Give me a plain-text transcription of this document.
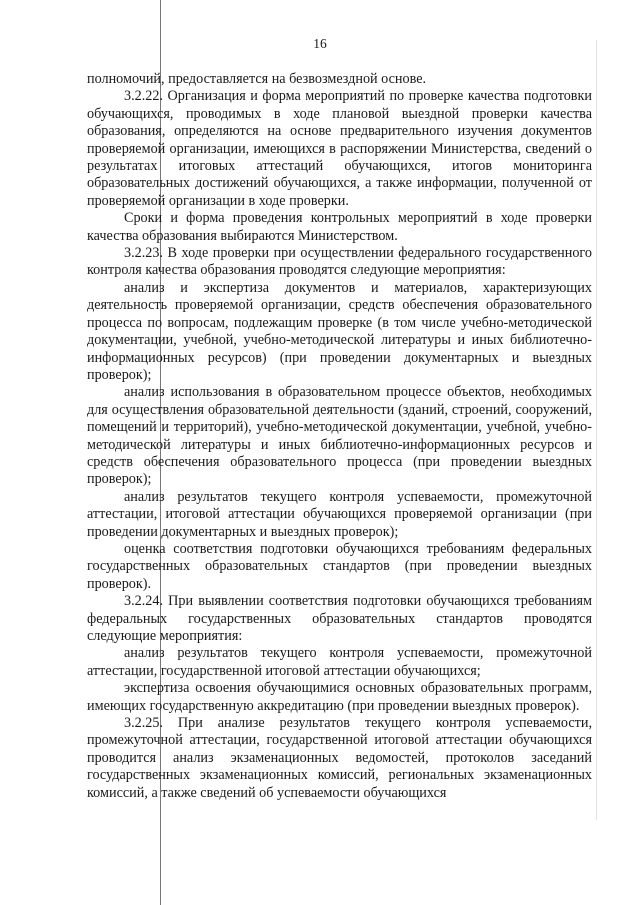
16

полномочий, предоставляется на безвозмездной основе.

3.2.22. Организация и форма мероприятий по проверке качества подготовки обучающихся, проводимых в ходе плановой выездной проверки качества образования, определяются на основе предварительного изучения документов проверяемой организации, имеющихся в распоряжении Министерства, сведений о результатах итоговых аттестаций обучающихся, итогов мониторинга образовательных достижений обучающихся, а также информации, полученной от проверяемой организации в ходе проверки.

Сроки и форма проведения контрольных мероприятий в ходе проверки качества образования выбираются Министерством.

3.2.23. В ходе проверки при осуществлении федерального государственного контроля качества образования проводятся следующие мероприятия:

анализ и экспертиза документов и материалов, характеризующих деятельность проверяемой организации, средств обеспечения образовательного процесса по вопросам, подлежащим проверке (в том числе учебно-методической документации, учебной, учебно-методической литературы и иных библиотечно-информационных ресурсов) (при проведении документарных и выездных проверок);

анализ использования в образовательном процессе объектов, необходимых для осуществления образовательной деятельности (зданий, строений, сооружений, помещений и территорий), учебно-методической документации, учебной, учебно-методической литературы и иных библиотечно-информационных ресурсов и средств обеспечения образовательного процесса (при проведении выездных проверок);

анализ результатов текущего контроля успеваемости, промежуточной аттестации, итоговой аттестации обучающихся проверяемой организации (при проведении документарных и выездных проверок);

оценка соответствия подготовки обучающихся требованиям федеральных государственных образовательных стандартов (при проведении выездных проверок).

3.2.24. При выявлении соответствия подготовки обучающихся требованиям федеральных государственных образовательных стандартов проводятся следующие мероприятия:

анализ результатов текущего контроля успеваемости, промежуточной аттестации, государственной итоговой аттестации обучающихся;

экспертиза освоения обучающимися основных образовательных программ, имеющих государственную аккредитацию (при проведении выездных проверок).

3.2.25. При анализе результатов текущего контроля успеваемости, промежуточной аттестации, государственной итоговой аттестации обучающихся проводится анализ экзаменационных ведомостей, протоколов заседаний государственных экзаменационных комиссий, региональных экзаменационных комиссий, а также сведений об успеваемости обучающихся
